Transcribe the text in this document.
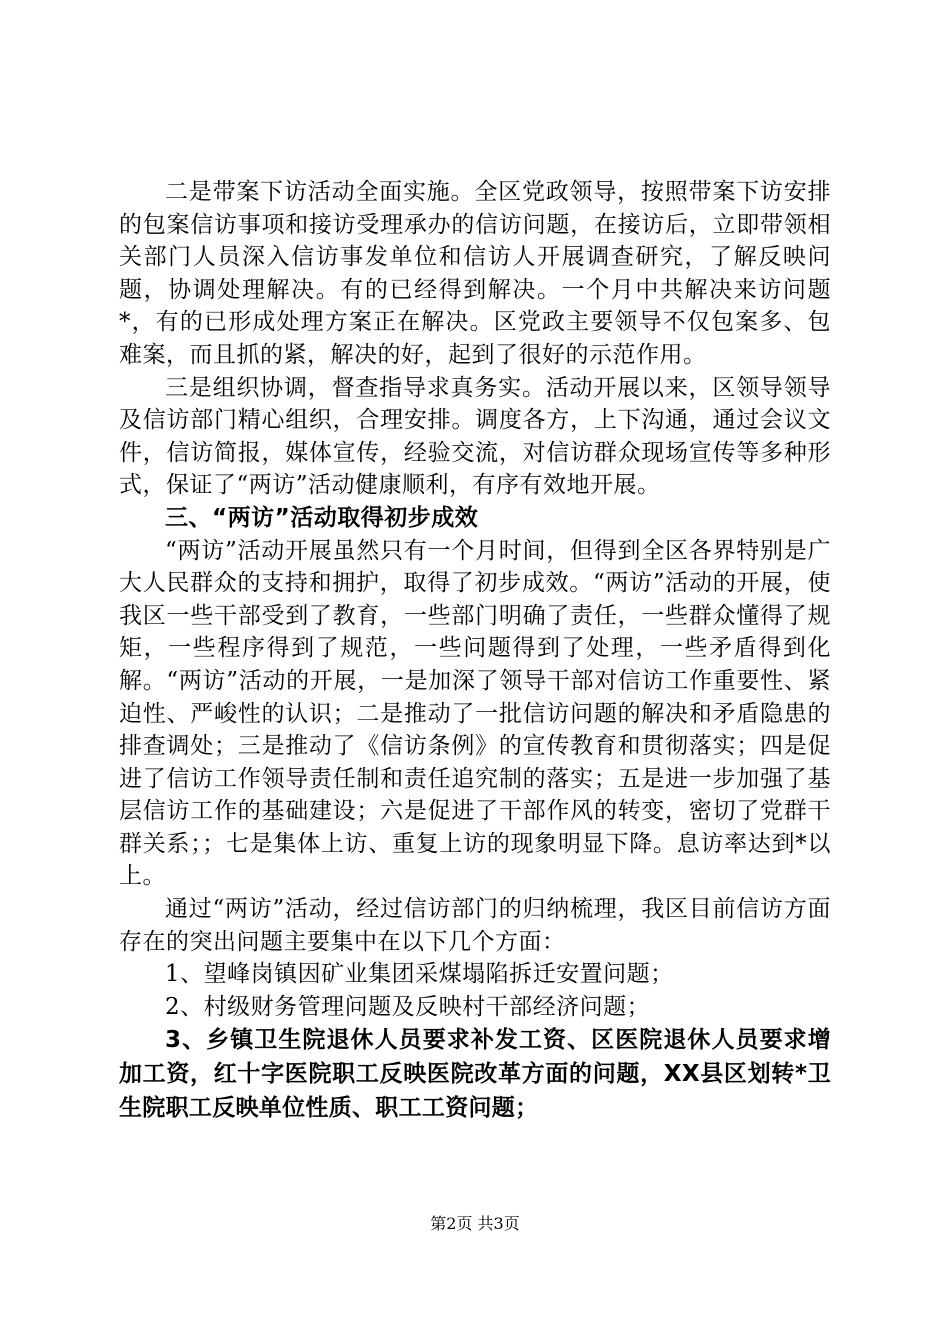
二是带案下访活动全面实施。全区党政领导，按照带案下访安排的包案信访事项和接访受理承办的信访问题，在接访后，立即带领相关部门人员深入信访事发单位和信访人开展调查研究，了解反映问题，协调处理解决。有的已经得到解决。一个月中共解决来访问题*，有的已形成处理方案正在解决。区党政主要领导不仅包案多、包难案，而且抓的紧，解决的好，起到了很好的示范作用。

三是组织协调，督查指导求真务实。活动开展以来，区领导领导及信访部门精心组织，合理安排。调度各方，上下沟通，通过会议文件，信访简报，媒体宣传，经验交流，对信访群众现场宣传等多种形式，保证了“两访”活动健康顺利，有序有效地开展。

三、“两访”活动取得初步成效

“两访”活动开展虽然只有一个月时间，但得到全区各界特别是广大人民群众的支持和拥护，取得了初步成效。“两访”活动的开展，使我区一些干部受到了教育，一些部门明确了责任，一些群众懂得了规矩，一些程序得到了规范，一些问题得到了处理，一些矛盾得到化解。“两访”活动的开展，一是加深了领导干部对信访工作重要性、紧迫性、严峻性的认识；二是推动了一批信访问题的解决和矛盾隐患的排查调处；三是推动了《信访条例》的宣传教育和贯彻落实；四是促进了信访工作领导责任制和责任追究制的落实；五是进一步加强了基层信访工作的基础建设；六是促进了干部作风的转变，密切了党群干群关系；；七是集体上访、重复上访的现象明显下降。息访率达到*以上。

通过“两访”活动，经过信访部门的归纳梳理，我区目前信访方面存在的突出问题主要集中在以下几个方面：

1、望峰岗镇因矿业集团采煤塌陷拆迁安置问题；

2、村级财务管理问题及反映村干部经济问题；

3、乡镇卫生院退休人员要求补发工资、区医院退休人员要求增加工资，红十字医院职工反映医院改革方面的问题，XX县区划转*卫生院职工反映单位性质、职工工资问题；

第2页 共3页
